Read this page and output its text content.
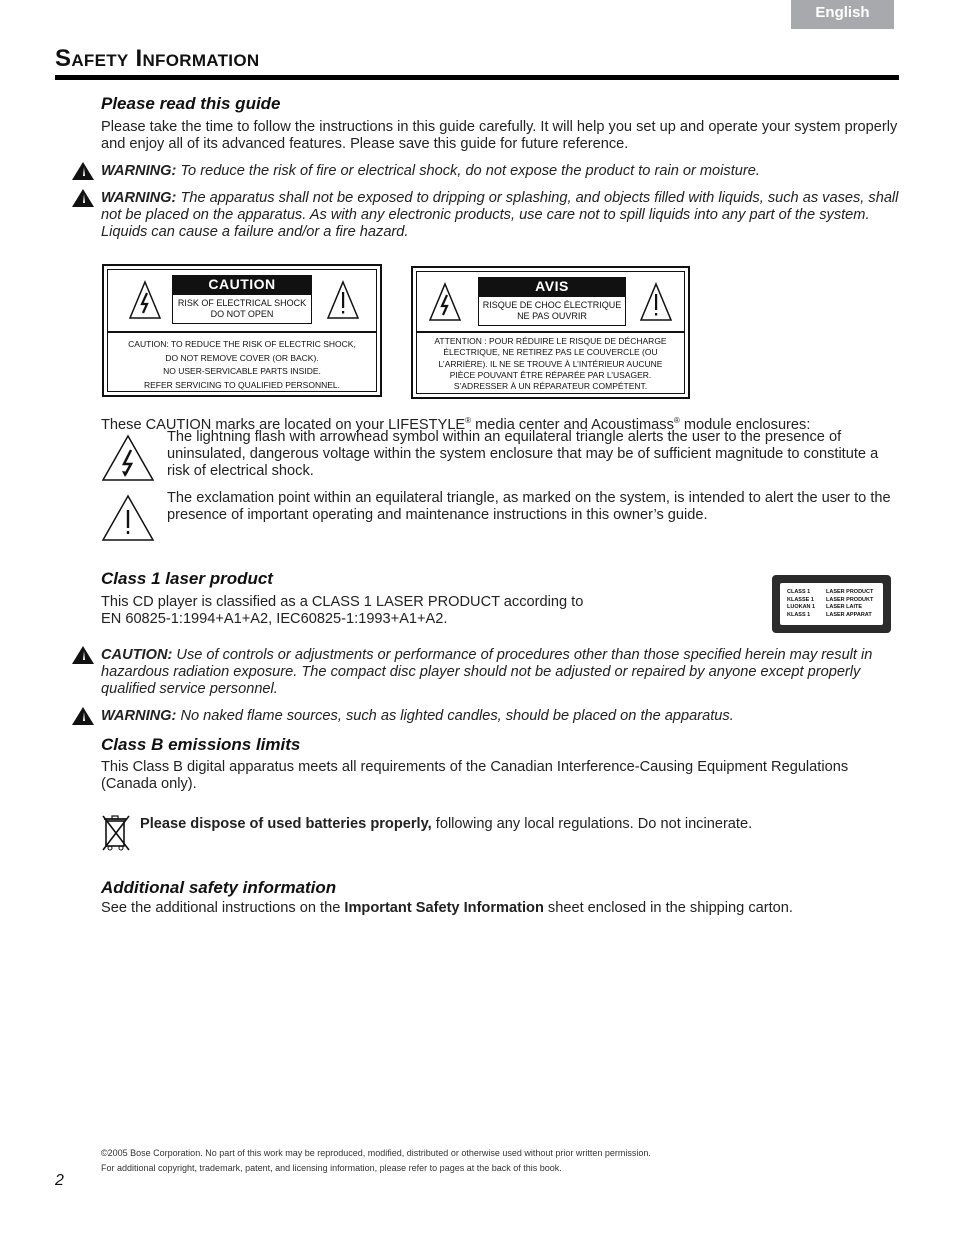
English
Safety Information
Please read this guide
Please take the time to follow the instructions in this guide carefully. It will help you set up and operate your system properly and enjoy all of its advanced features. Please save this guide for future reference.
WARNING: To reduce the risk of fire or electrical shock, do not expose the product to rain or moisture.
WARNING: The apparatus shall not be exposed to dripping or splashing, and objects filled with liquids, such as vases, shall not be placed on the apparatus. As with any electronic products, use care not to spill liquids into any part of the system. Liquids can cause a failure and/or a fire hazard.
CAUTION
RISK OF ELECTRICAL SHOCK
DO NOT OPEN
CAUTION: TO REDUCE THE RISK OF ELECTRIC SHOCK,
DO NOT REMOVE COVER (OR BACK).
NO USER-SERVICABLE PARTS INSIDE.
REFER SERVICING TO QUALIFIED PERSONNEL.
AVIS
RISQUE DE CHOC ÉLECTRIQUE
NE PAS OUVRIR
ATTENTION : POUR RÉDUIRE LE RISQUE DE DÉCHARGE
ÉLECTRIQUE, NE RETIREZ PAS LE COUVERCLE (OU
L’ARRIÈRE). IL NE SE TROUVE À L’INTÉRIEUR AUCUNE
PIÈCE POUVANT ÊTRE RÉPARÉE PAR L’USAGER.
S’ADRESSER À UN RÉPARATEUR COMPÉTENT.
These CAUTION marks are located on your LIFESTYLE® media center and Acoustimass® module enclosures:
The lightning flash with arrowhead symbol within an equilateral triangle alerts the user to the presence of uninsulated, dangerous voltage within the system enclosure that may be of sufficient magnitude to constitute a risk of electrical shock.
The exclamation point within an equilateral triangle, as marked on the system, is intended to alert the user to the presence of important operating and maintenance instructions in this owner’s guide.
Class 1 laser product
This CD player is classified as a CLASS 1 LASER PRODUCT according to
EN 60825-1:1994+A1+A2, IEC60825-1:1993+A1+A2.
CLASS 1	LASER PRODUCT
KLASSE 1	LASER PRODUKT
LUOKAN 1	LASER LAITE
KLASS 1	LASER APPARAT
CAUTION: Use of controls or adjustments or performance of procedures other than those specified herein may result in hazardous radiation exposure. The compact disc player should not be adjusted or repaired by anyone except properly qualified service personnel.
WARNING: No naked flame sources, such as lighted candles, should be placed on the apparatus.
Class B emissions limits
This Class B digital apparatus meets all requirements of the Canadian Interference-Causing Equipment Regulations (Canada only).
Please dispose of used batteries properly, following any local regulations. Do not incinerate.
Additional safety information
See the additional instructions on the Important Safety Information sheet enclosed in the shipping carton.
©2005 Bose Corporation. No part of this work may be reproduced, modified, distributed or otherwise used without prior written permission.
For additional copyright, trademark, patent, and licensing information, please refer to pages at the back of this book.
2
